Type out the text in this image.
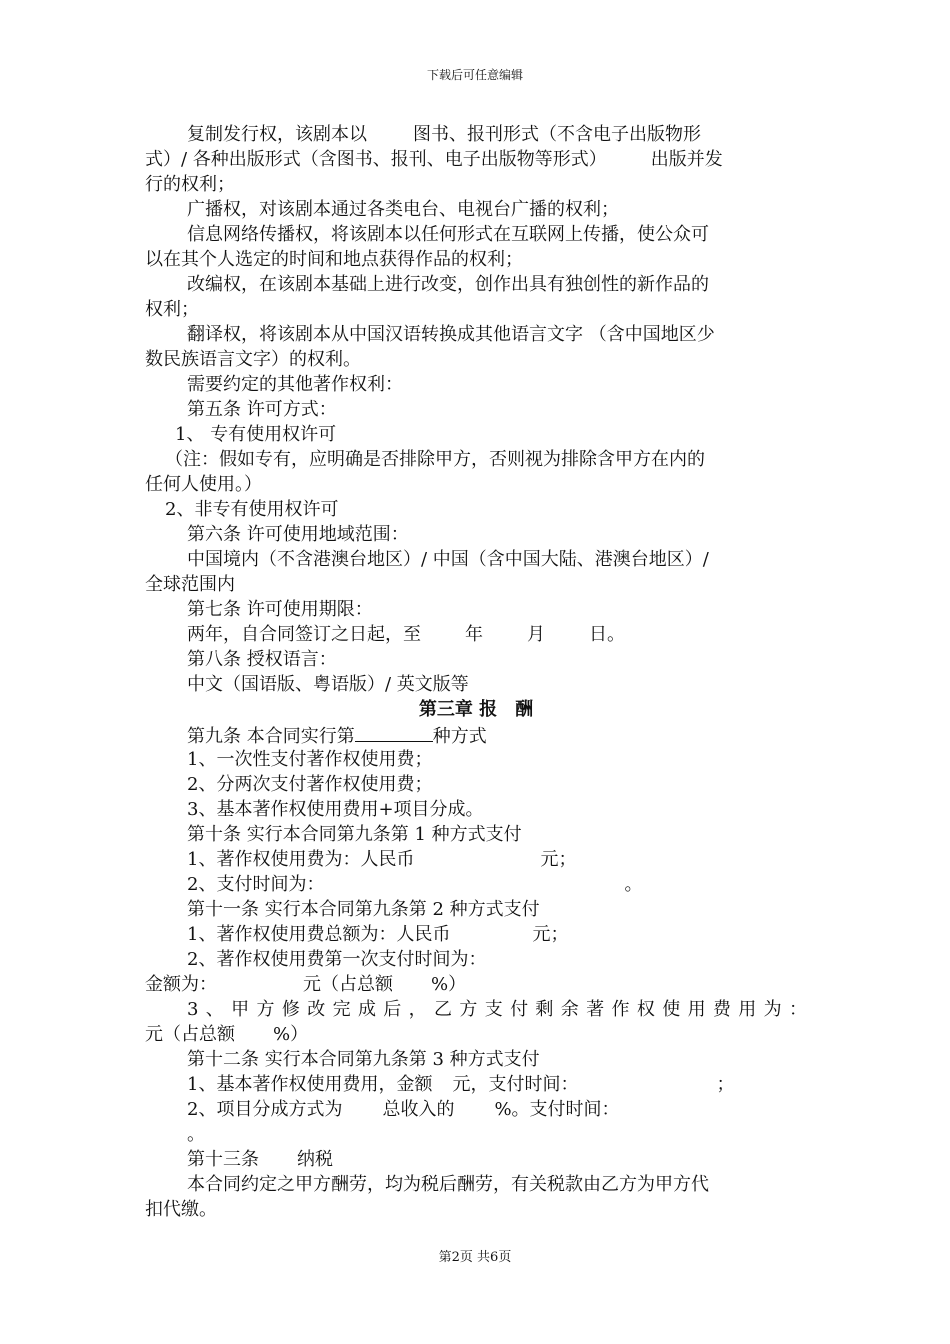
下载后可任意编辑
复制发行权，该剧本以	图书、报刊形式（不含电子出版物形
式）/ 各种出版形式（含图书、报刊、电子出版物等形式） 出版并发
行的权利；
广播权，对该剧本通过各类电台、电视台广播的权利；
信息网络传播权，将该剧本以任何形式在互联网上传播，使公众可
以在其个人选定的时间和地点获得作品的权利；
改编权，在该剧本基础上进行改变，创作出具有独创性的新作品的
权利；
翻译权，将该剧本从中国汉语转换成其他语言文字 （含中国地区少
数民族语言文字）的权利。
需要约定的其他著作权利：
第五条 许可方式：
1、 专有使用权许可
（注：假如专有，应明确是否排除甲方，否则视为排除含甲方在内的
任何人使用。）
2、非专有使用权许可
第六条 许可使用地域范围：
中国境内（不含港澳台地区）/ 中国（含中国大陆、港澳台地区）/
全球范围内
第七条 许可使用期限：
两年，自合同签订之日起，至 年 月 日。
第八条 授权语言：
中文（国语版、粤语版）/ 英文版等
第三章 报　酬
第九条 本合同实行第	种方式
1、一次性支付著作权使用费；
2、分两次支付著作权使用费；
3、基本著作权使用费用+项目分成。
第十条 实行本合同第九条第 1 种方式支付
1、著作权使用费为：人民币	元；
2、支付时间为：	。
第十一条 实行本合同第九条第 2 种方式支付
1、著作权使用费总额为：人民币	元；
2、著作权使用费第一次支付时间为：
金额为：	元（占总额 %）
3、甲方修改完成后，乙方支付剩余著作权使用费用为：
元（占总额 %）
第十二条 实行本合同第九条第 3 种方式支付
1、基本著作权使用费用，金额 元，支付时间：	；
2、项目分成方式为 总收入的 %。支付时间：
。
第十三条 纳税
本合同约定之甲方酬劳，均为税后酬劳，有关税款由乙方为甲方代
扣代缴。
第2页 共6页
